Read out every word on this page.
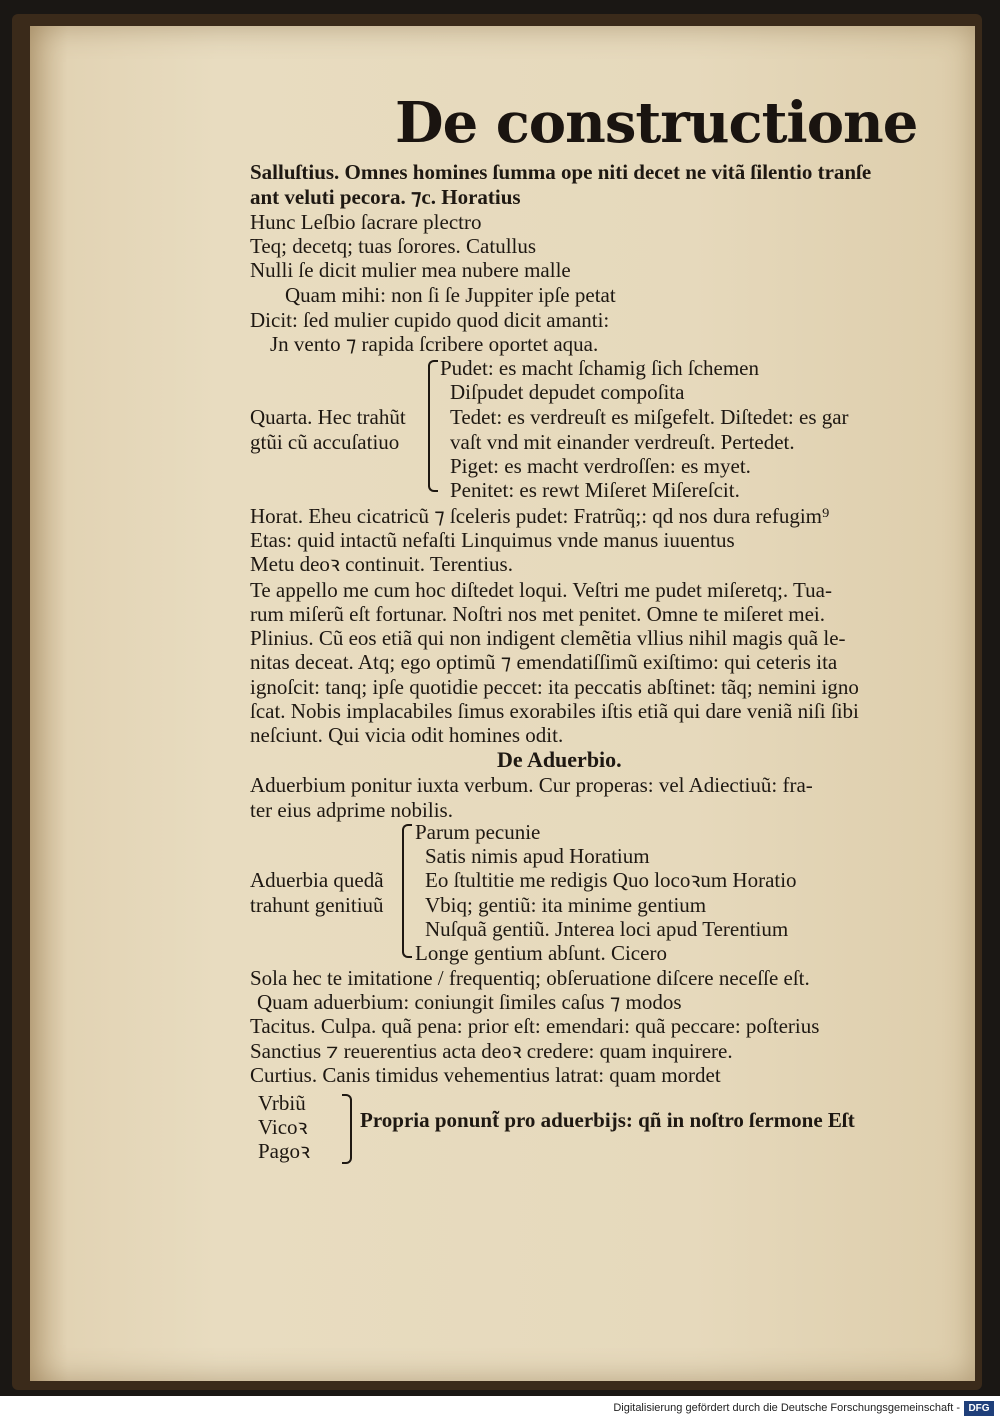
De constructione
Salluſtius. Omnes homines ſumma ope niti decet ne vitã ſilentio tranſe
ant veluti pecora. ⁊c. Horatius
Hunc Leſbio ſacrare plectro
Teq; decetq; tuas ſorores. Catullus
Nulli ſe dicit mulier mea nubere malle
Quam mihi: non ſi ſe Juppiter ipſe petat
Dicit: ſed mulier cupido quod dicit amanti:
Jn vento ⁊ rapida ſcribere oportet aqua.
Pudet: es macht ſchamig ſich ſchemen
Diſpudet depudet compoſita
Quarta. Hec trahũt Tedet: es verdreuſt es miſgefelt. Diſtedet: es gar
gtũi cũ accuſatiuo vaſt vnd mit einander verdreuſt. Pertedet.
Piget: es macht verdroſſen: es myet.
Penitet: es rewt Miſeret Miſereſcit.
Horat. Eheu cicatricũ ⁊ ſceleris pudet: Fratrũq;: qd nos dura refugim⁹
Etas: quid intactũ nefaſti Linquimus vnde manus iuuentus
Metu deoꝛ continuit. Terentius.
Te appello me cum hoc diſtedet loqui. Veſtri me pudet miſeretq;. Tua-
rum miſerũ eſt fortunar. Noſtri nos met penitet. Omne te miſeret mei.
Plinius. Cũ eos etiã qui non indigent clemẽtia vllius nihil magis quã le-
nitas deceat. Atq; ego optimũ ⁊ emendatiſſimũ exiſtimo: qui ceteris ita
ignoſcit: tanq; ipſe quotidie peccet: ita peccatis abſtinet: tãq; nemini igno
ſcat. Nobis implacabiles ſimus exorabiles iſtis etiã qui dare veniã niſi ſibi
neſciunt. Qui vicia odit homines odit.
De Aduerbio.
Aduerbium ponitur iuxta verbum. Cur properas: vel Adiectiuũ: fra-
ter eius adprime nobilis.
Parum pecunie
Satis nimis apud Horatium
Aduerbia quedã Eo ſtultitie me redigis Quo locoꝛum Horatio
trahunt genitiuũ Vbiq; gentiũ: ita minime gentium
Nuſquã gentiũ. Jnterea loci apud Terentium
Longe gentium abſunt. Cicero
Sola hec te imitatione / frequentiq; obſeruatione diſcere neceſſe eſt.
Quam aduerbium: coniungit ſimiles caſus ⁊ modos
Tacitus. Culpa. quã pena: prior eſt: emendari: quã peccare: poſterius
Sanctius ⁊ reuerentius acta deoꝛ credere: quam inquirere.
Curtius. Canis timidus vehementius latrat: quam mordet
Vrbiũ
Vicoꝛ Propria ponunt̃ pro aduerbijs: qñ in noſtro ſermone Eſt
Pagoꝛ
Digitalisierung gefördert durch die Deutsche Forschungsgemeinschaft - DFG
